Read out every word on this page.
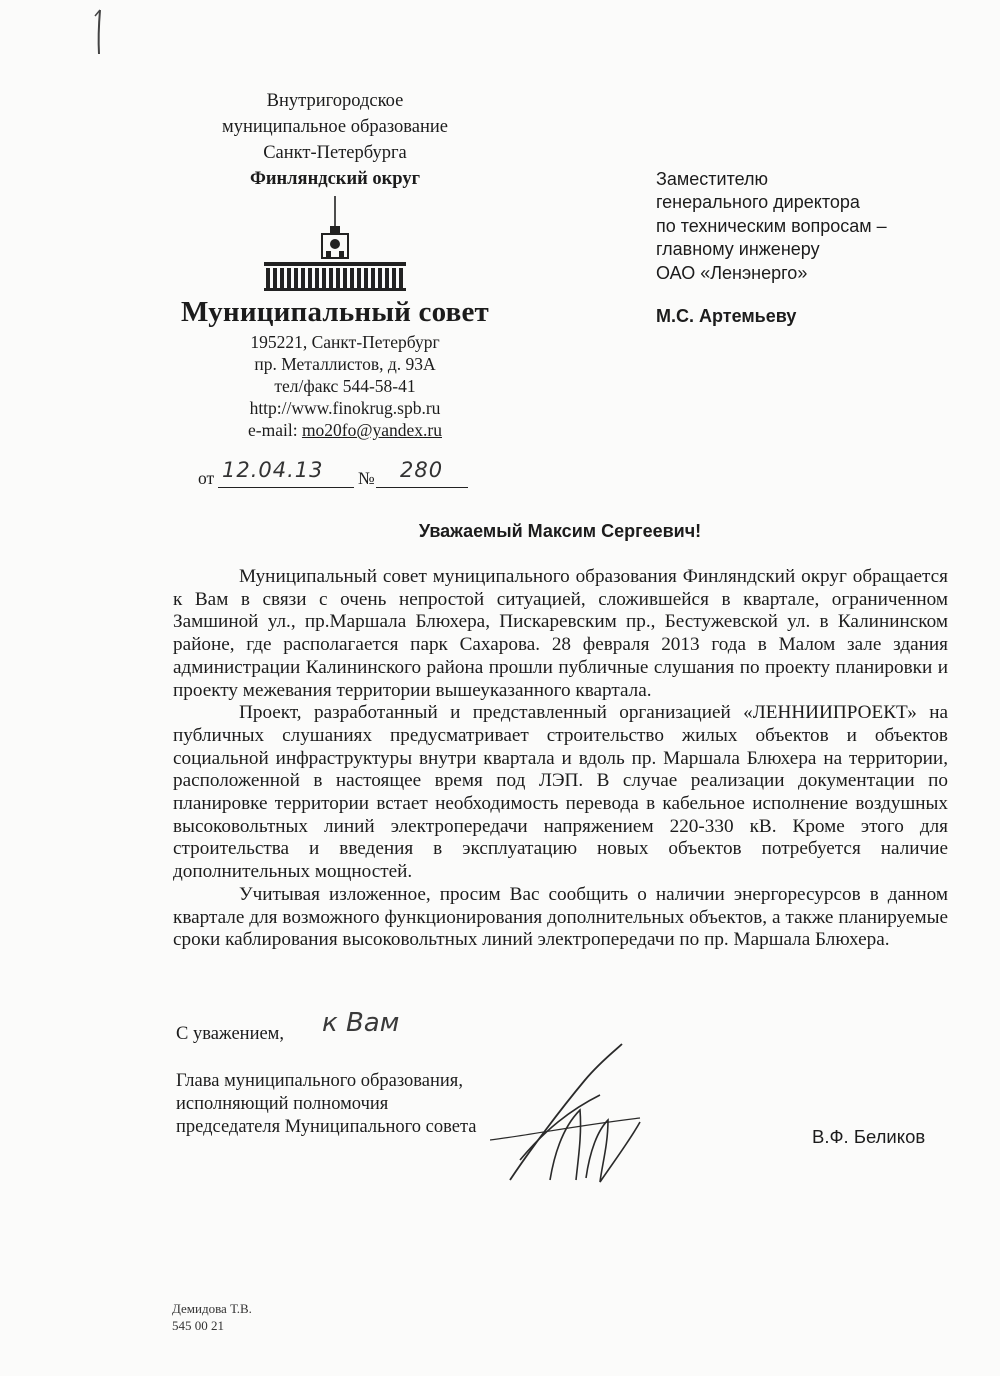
Внутригородское
муниципальное образование
Санкт-Петербурга
Финляндский округ
Муниципальный совет
195221, Санкт-Петербург
пр. Металлистов, д. 93А
тел/факс 544-58-41
http://www.finokrug.spb.ru
e-mail: mo20fo@yandex.ru
от 12.04.13 № 280
Заместителю
генерального директора
по техническим вопросам –
главному инженеру
ОАО «Ленэнерго»
М.С. Артемьеву
Уважаемый Максим Сергеевич!

Муниципальный совет муниципального образования Финляндский округ обращается к Вам в связи с очень непростой ситуацией, сложившейся в квартале, ограниченном Замшиной ул., пр.Маршала Блюхера, Пискаревским пр., Бестужевской ул. в Калининском районе, где располагается парк Сахарова. 28 февраля 2013 года в Малом зале здания администрации Калининского района прошли публичные слушания по проекту планировки и проекту межевания территории вышеуказанного квартала.

Проект, разработанный и представленный организацией «ЛЕННИИПРОЕКТ» на публичных слушаниях предусматривает строительство жилых объектов и объектов социальной инфраструктуры внутри квартала и вдоль пр. Маршала Блюхера на территории, расположенной в настоящее время под ЛЭП. В случае реализации документации по планировке территории встает необходимость перевода в кабельное исполнение воздушных высоковольтных линий электропередачи напряжением 220-330 кВ. Кроме этого для строительства и введения в эксплуатацию новых объектов потребуется наличие дополнительных мощностей.

Учитывая изложенное, просим Вас сообщить о наличии энергоресурсов в данном квартале для возможного функционирования дополнительных объектов, а также планируемые сроки каблирования высоковольтных линий электропередачи по пр. Маршала Блюхера.

С уважением, к Вам
Глава муниципального образования,
исполняющий полномочия
председателя Муниципального совета	В.Ф. Беликов
Демидова Т.В.
545 00 21
